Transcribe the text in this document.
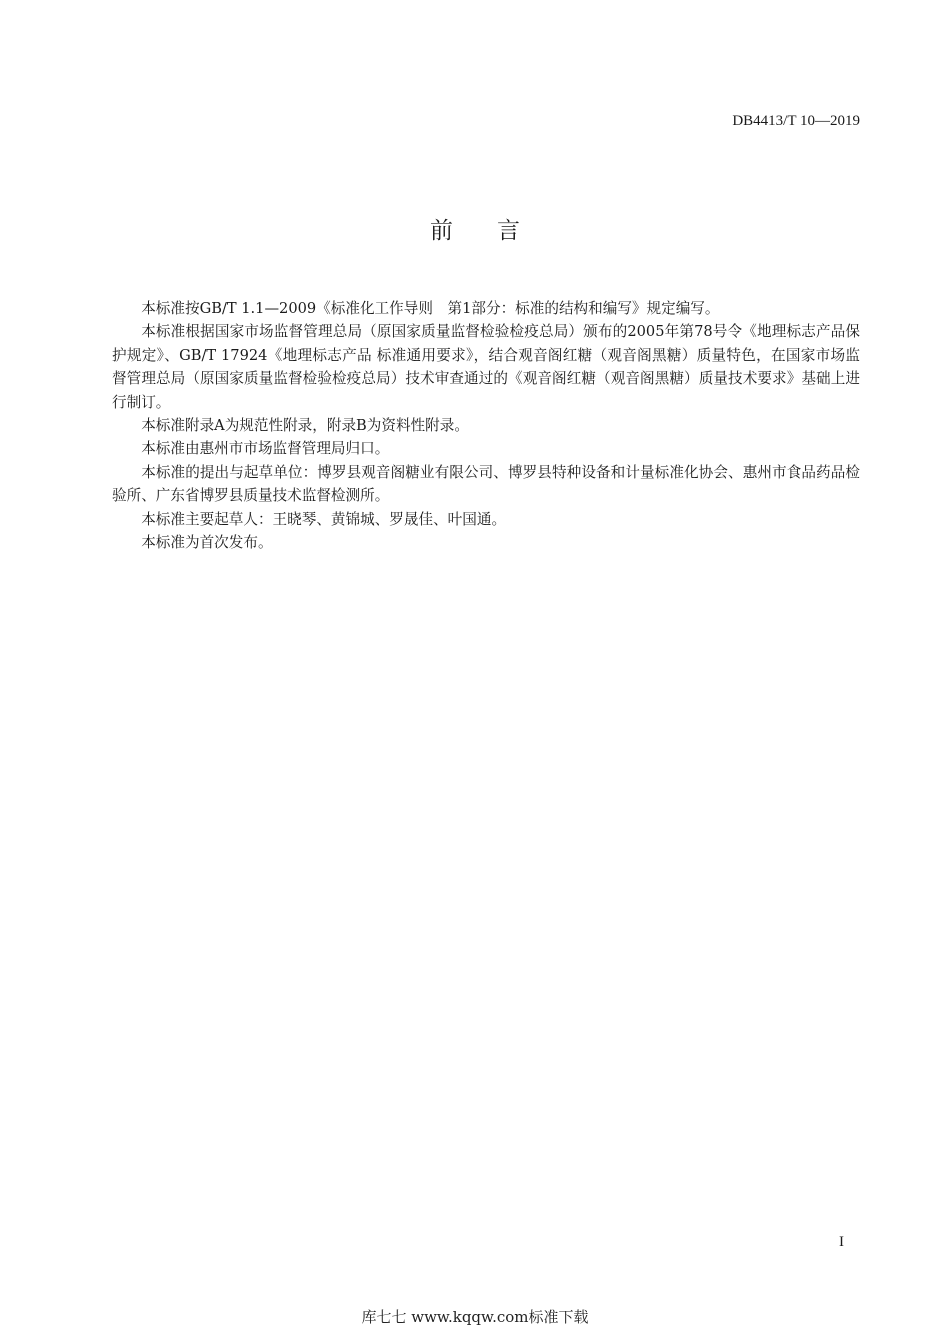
DB4413/T 10—2019
前 言

本标准按GB/T 1.1—2009《标准化工作导则　第1部分：标准的结构和编写》规定编写。

本标准根据国家市场监督管理总局（原国家质量监督检验检疫总局）颁布的2005年第78号令《地理标志产品保护规定》、GB/T 17924《地理标志产品 标准通用要求》，结合观音阁红糖（观音阁黑糖）质量特色，在国家市场监督管理总局（原国家质量监督检验检疫总局）技术审查通过的《观音阁红糖（观音阁黑糖）质量技术要求》基础上进行制订。

本标准附录A为规范性附录，附录B为资料性附录。

本标准由惠州市市场监督管理局归口。

本标准的提出与起草单位：博罗县观音阁糖业有限公司、博罗县特种设备和计量标准化协会、惠州市食品药品检验所、广东省博罗县质量技术监督检测所。

本标准主要起草人：王晓琴、黄锦城、罗晟佳、叶国通。

本标准为首次发布。

I
库七七 www.kqqw.com标准下载
